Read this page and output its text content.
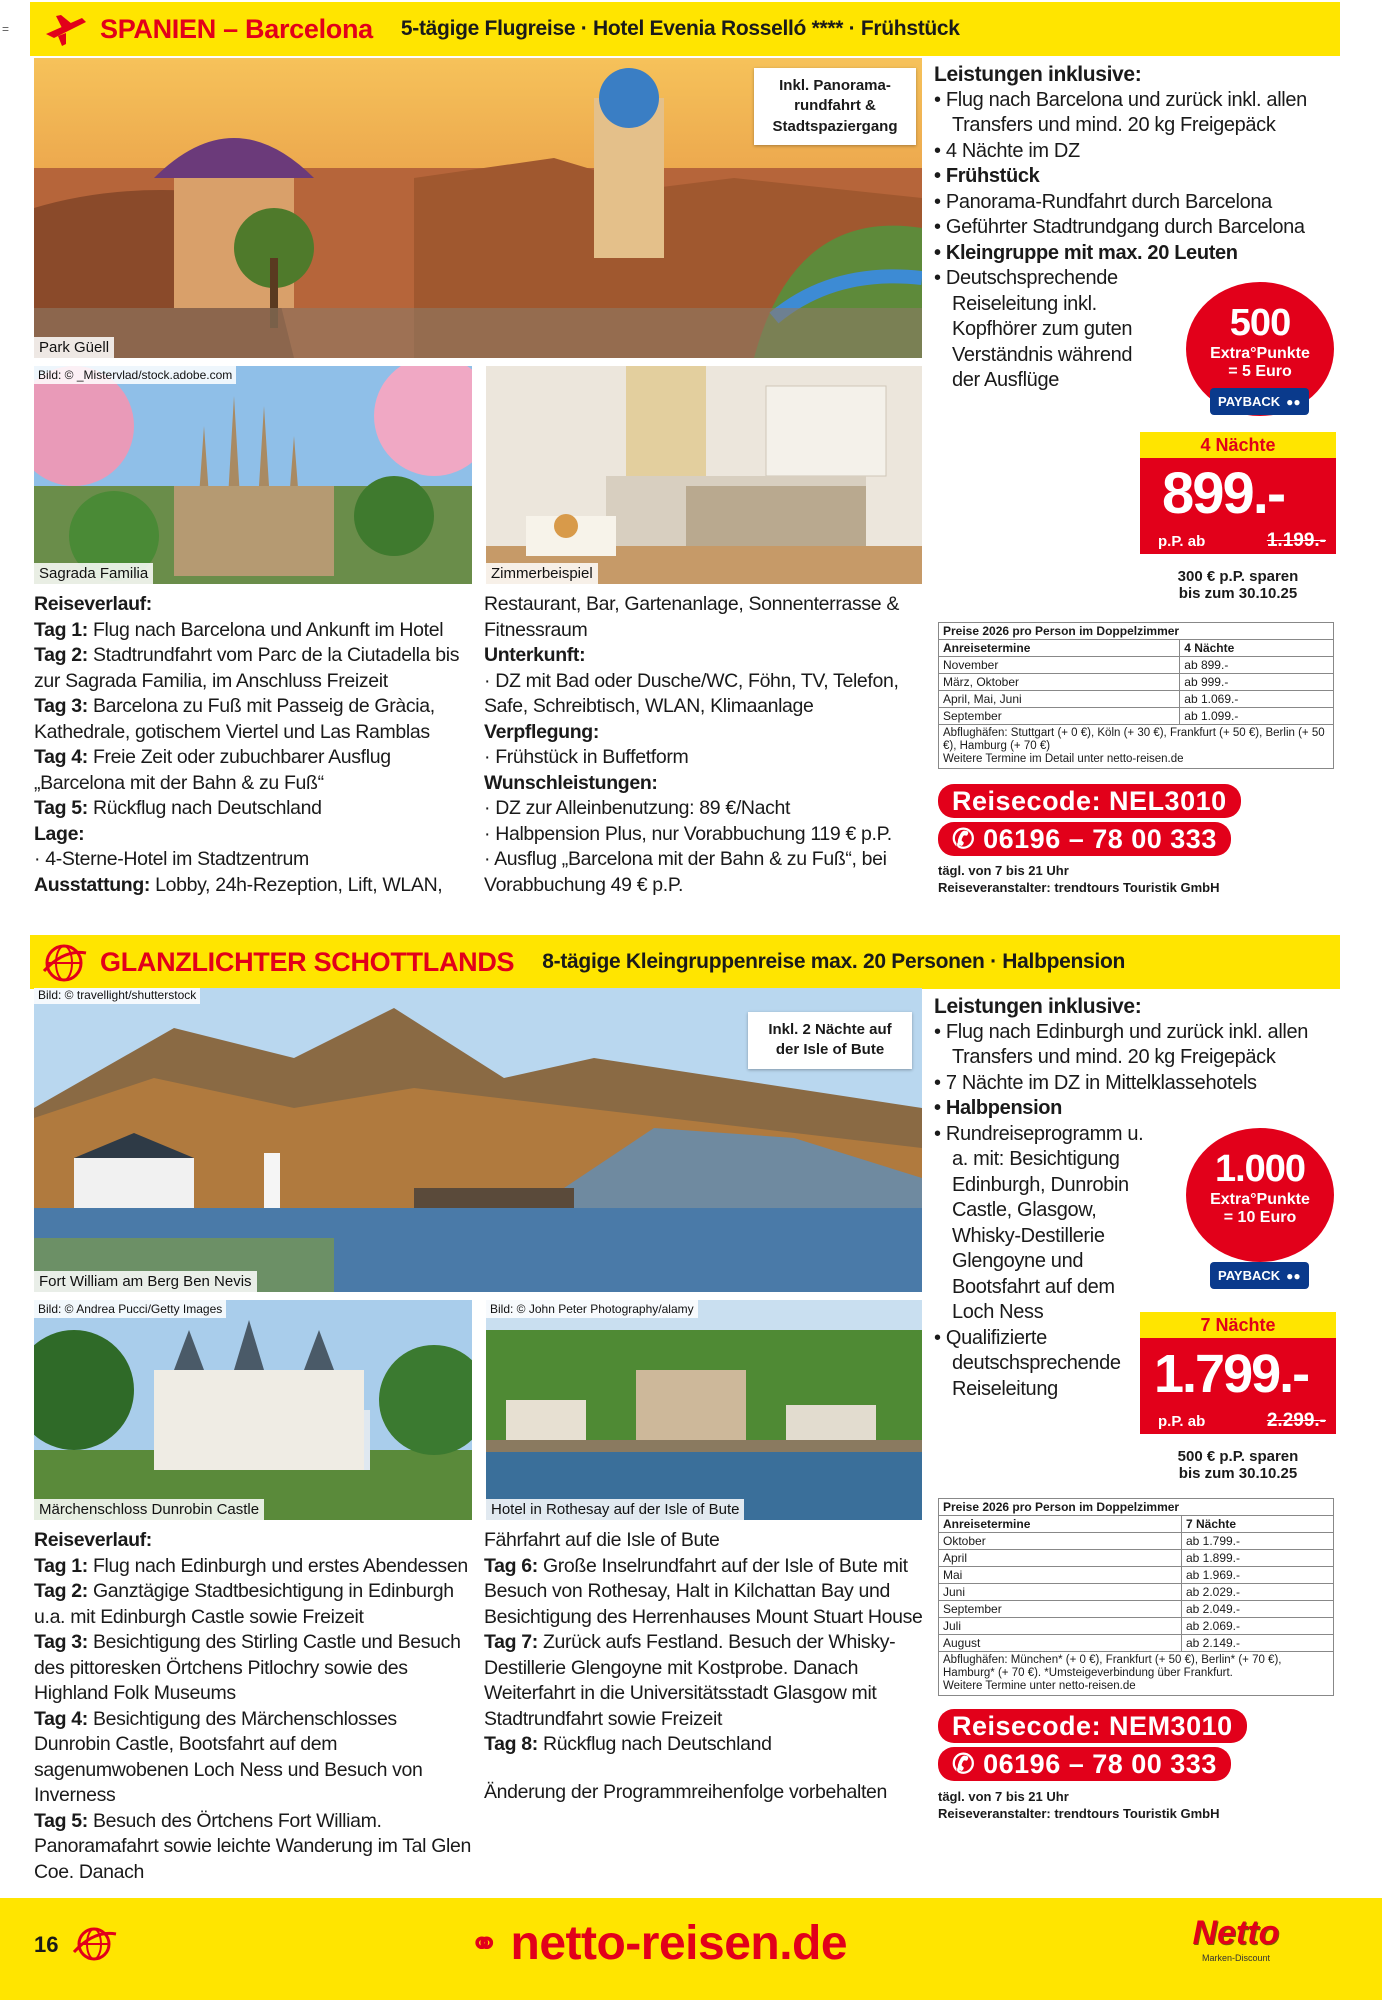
=	SPANIEN – Barcelona 5-tägige Flugreise · Hotel Evenia Rosselló **** · Frühstück
Park Güell
Inkl. Panorama-
rundfahrt &
Stadtspaziergang
Bild: © _Mistervlad/stock.adobe.com
Sagrada Familia	Zimmerbeispiel
Leistungen inklusive:
• Flug nach Barcelona und zurück inkl. allen Transfers und mind. 20 kg Freigepäck
• 4 Nächte im DZ
• Frühstück
• Panorama-Rundfahrt durch Barcelona
• Geführter Stadtrundgang durch Barcelona
• Kleingruppe mit max. 20 Leuten
• Deutschsprechende Reiseleitung inkl. Kopfhörer zum guten Verständnis während der Ausflüge
500
Extra°Punkte
= 5 Euro
PAYBACK ●●
4 Nächte
899.-
p.P. ab	1.199.-
300 € p.P. sparen
bis zum 30.10.25
Preise 2026 pro Person im Doppelzimmer	
Anreisetermine	4 Nächte
November	ab 899.-
März, Oktober	ab 999.-
April, Mai, Juni	ab 1.069.-
September	ab 1.099.-
Abflughäfen: Stuttgart (+ 0 €), Köln (+ 30 €), Frankfurt (+ 50 €), Berlin (+ 50 €), Hamburg (+ 70 €)
Weitere Termine im Detail unter netto-reisen.de	
Reisecode: NEL3010
✆ 06196 – 78 00 333
tägl. von 7 bis 21 Uhr
Reiseveranstalter: trendtours Touristik GmbH

Reiseverlauf:

Tag 1: Flug nach Barcelona und Ankunft im Hotel

Tag 2: Stadtrundfahrt vom Parc de la Ciutadella bis zur Sagrada Familia, im Anschluss Freizeit

Tag 3: Barcelona zu Fuß mit Passeig de Gràcia, Kathedrale, gotischem Viertel und Las Ramblas

Tag 4: Freie Zeit oder zubuchbarer Ausflug „Barcelona mit der Bahn & zu Fuß“

Tag 5: Rückflug nach Deutschland

Lage:

· 4-Sterne-Hotel im Stadtzentrum

Ausstattung: Lobby, 24h-Rezeption, Lift, WLAN,

Restaurant, Bar, Gartenanlage, Sonnenterrasse & Fitnessraum

Unterkunft:

· DZ mit Bad oder Dusche/WC, Föhn, TV, Telefon, Safe, Schreibtisch, WLAN, Klimaanlage

Verpflegung:

· Frühstück in Buffetform

Wunschleistungen:

· DZ zur Alleinbenutzung: 89 €/Nacht

· Halbpension Plus, nur Vorabbuchung 119 € p.P.

· Ausflug „Barcelona mit der Bahn & zu Fuß“, bei Vorabbuchung 49 € p.P.

GLANZLICHTER SCHOTTLANDS 8-tägige Kleingruppenreise max. 20 Personen · Halbpension
Bild: © travellight/shutterstock
Fort William am Berg Ben Nevis
Inkl. 2 Nächte auf
der Isle of Bute
Bild: © Andrea Pucci/Getty Images
Märchenschloss Dunrobin Castle
Bild: © John Peter Photography/alamy
Hotel in Rothesay auf der Isle of Bute
Leistungen inklusive:
• Flug nach Edinburgh und zurück inkl. allen Transfers und mind. 20 kg Freigepäck
• 7 Nächte im DZ in Mittelklassehotels
• Halbpension
• Rundreiseprogramm u. a. mit: Besichtigung Edinburgh, Dunrobin Castle, Glasgow, Whisky-Destillerie Glengoyne und Bootsfahrt auf dem Loch Ness
• Qualifizierte deutschsprechende Reiseleitung
1.000
Extra°Punkte
= 10 Euro
PAYBACK ●●
7 Nächte
1.799.-
p.P. ab	2.299.-
500 € p.P. sparen
bis zum 30.10.25
Preise 2026 pro Person im Doppelzimmer	
Anreisetermine	7 Nächte
Oktober	ab 1.799.-
April	ab 1.899.-
Mai	ab 1.969.-
Juni	ab 2.029.-
September	ab 2.049.-
Juli	ab 2.069.-
August	ab 2.149.-
Abflughäfen: München* (+ 0 €), Frankfurt (+ 50 €), Berlin* (+ 70 €), Hamburg* (+ 70 €). *Umsteigeverbindung über Frankfurt.
Weitere Termine unter netto-reisen.de	
Reisecode: NEM3010
✆ 06196 – 78 00 333
tägl. von 7 bis 21 Uhr
Reiseveranstalter: trendtours Touristik GmbH

Reiseverlauf:

Tag 1: Flug nach Edinburgh und erstes Abendessen

Tag 2: Ganztägige Stadtbesichtigung in Edinburgh u.a. mit Edinburgh Castle sowie Freizeit

Tag 3: Besichtigung des Stirling Castle und Besuch des pittoresken Örtchens Pitlochry sowie des Highland Folk Museums

Tag 4: Besichtigung des Märchenschlosses Dunrobin Castle, Bootsfahrt auf dem sagenumwobenen Loch Ness und Besuch von Inverness

Tag 5: Besuch des Örtchens Fort William. Panoramafahrt sowie leichte Wanderung im Tal Glen Coe. Danach

Fährfahrt auf die Isle of Bute

Tag 6: Große Inselrundfahrt auf der Isle of Bute mit Besuch von Rothesay, Halt in Kilchattan Bay und Besichtigung des Herrenhauses Mount Stuart House

Tag 7: Zurück aufs Festland. Besuch der Whisky-Destillerie Glengoyne mit Kostprobe. Danach Weiterfahrt in die Universitätsstadt Glasgow mit Stadtrundfahrt sowie Freizeit

Tag 8: Rückflug nach Deutschland

Änderung der Programmreihenfolge vorbehalten

16	⚭ netto-reisen.de	Netto
Marken-Discount
